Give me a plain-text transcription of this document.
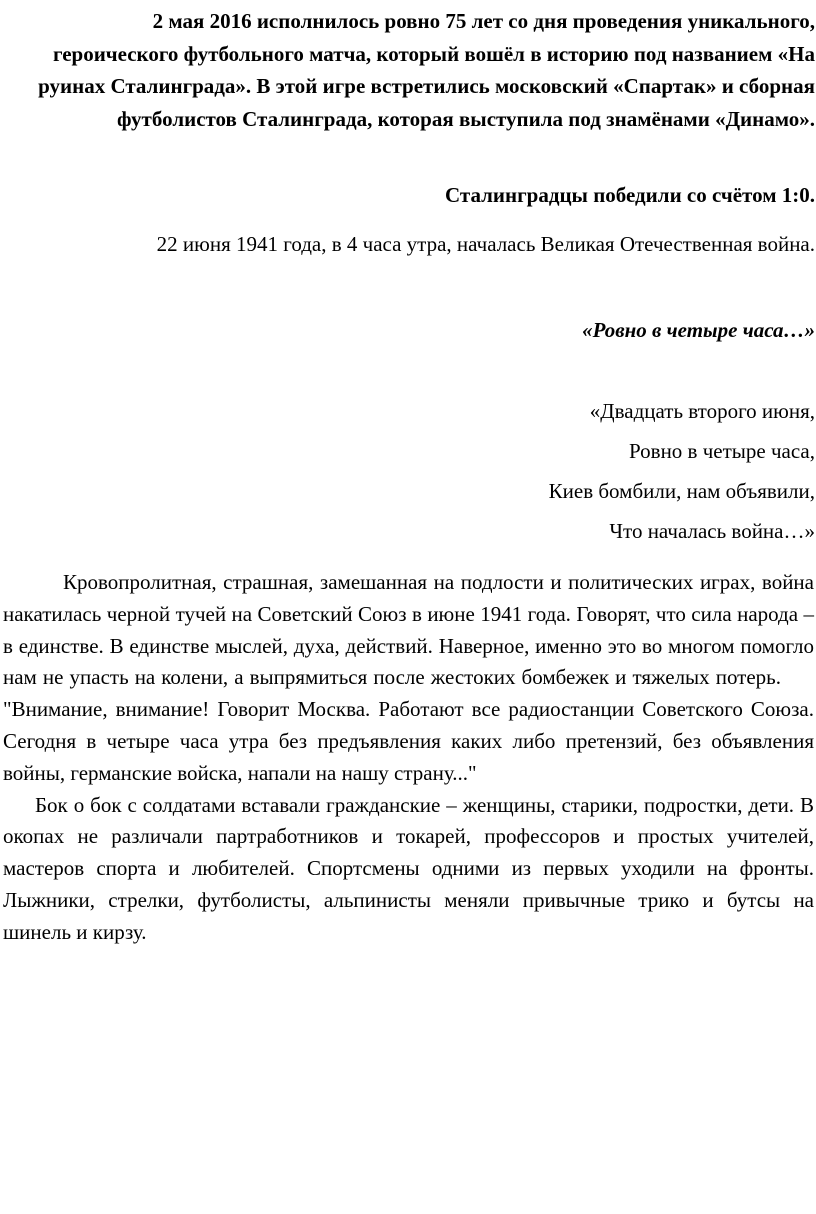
2 мая 2016 исполнилось ровно 75 лет со дня проведения уникального, героического футбольного матча, который вошёл в историю под названием «На руинах Сталинграда». В этой игре встретились московский «Спартак» и сборная футболистов Сталинграда, которая выступила под знамёнами «Динамо».

Сталинградцы победили со счётом 1:0.

22 июня 1941 года, в 4 часа утра, началась Великая Отечественная война.

«Ровно в четыре часа…»

«Двадцать второго июня,
Ровно в четыре часа,
Киев бомбили, нам объявили,
Что началась война…»

Кровопролитная, страшная, замешанная на подлости и политических играх, война накатилась черной тучей на Советский Союз в июне 1941 года. Говорят, что сила народа – в единстве. В единстве мыслей, духа, действий. Наверное, именно это во многом помогло нам не упасть на колени, а выпрямиться после жестоких бомбежек и тяжелых потерь. "Внимание, внимание! Говорит Москва. Работают все радиостанции Советского Союза. Сегодня в четыре часа утра без предъявления каких либо претензий, без объявления войны, германские войска, напали на нашу страну..."

Бок о бок с солдатами вставали гражданские – женщины, старики, подростки, дети. В окопах не различали партработников и токарей, профессоров и простых учителей, мастеров спорта и любителей. Спортсмены одними из первых уходили на фронты. Лыжники, стрелки, футболисты, альпинисты меняли привычные трико и бутсы на шинель и кирзу.
